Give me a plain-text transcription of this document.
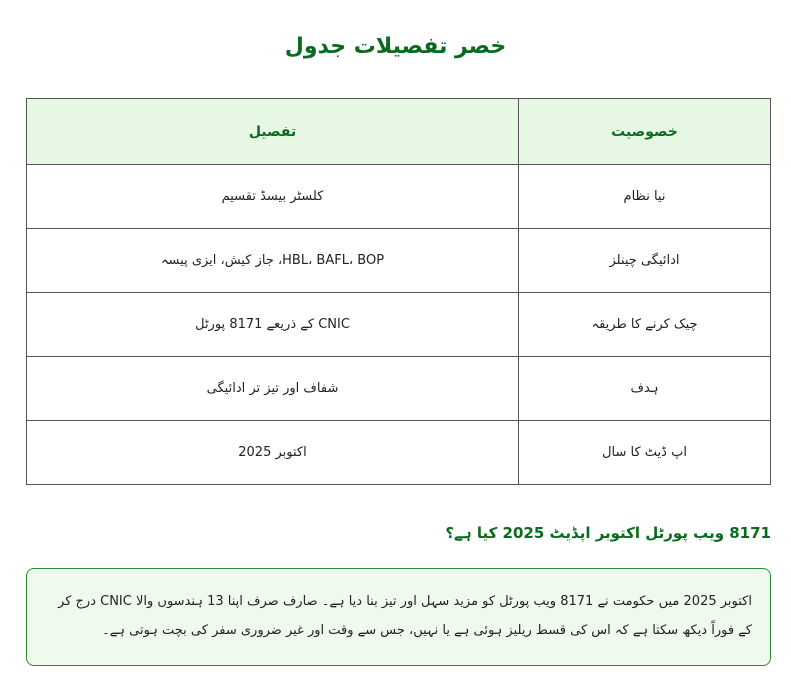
خصر تفصیلات جدول
خصوصیت	تفصیل
نیا نظام	کلسٹر بیسڈ تقسیم
ادائیگی چینلز	HBL، BAFL، BOP، جاز کیش، ایزی پیسہ
چیک کرنے کا طریقہ	CNIC کے ذریعے 8171 پورٹل
ہدف	شفاف اور تیز تر ادائیگی
اپ ڈیٹ کا سال	اکتوبر 2025
8171 ویب پورٹل اکتوبر اپڈیٹ 2025 کیا ہے؟

اکتوبر 2025 میں حکومت نے 8171 ویب پورٹل کو مزید سہل اور تیز بنا دیا ہے۔ صارف صرف اپنا 13 ہندسوں والا CNIC درج کر کے فوراً دیکھ سکتا ہے کہ اس کی قسط ریلیز ہوئی ہے یا نہیں، جس سے وقت اور غیر ضروری سفر کی بچت ہوتی ہے۔
